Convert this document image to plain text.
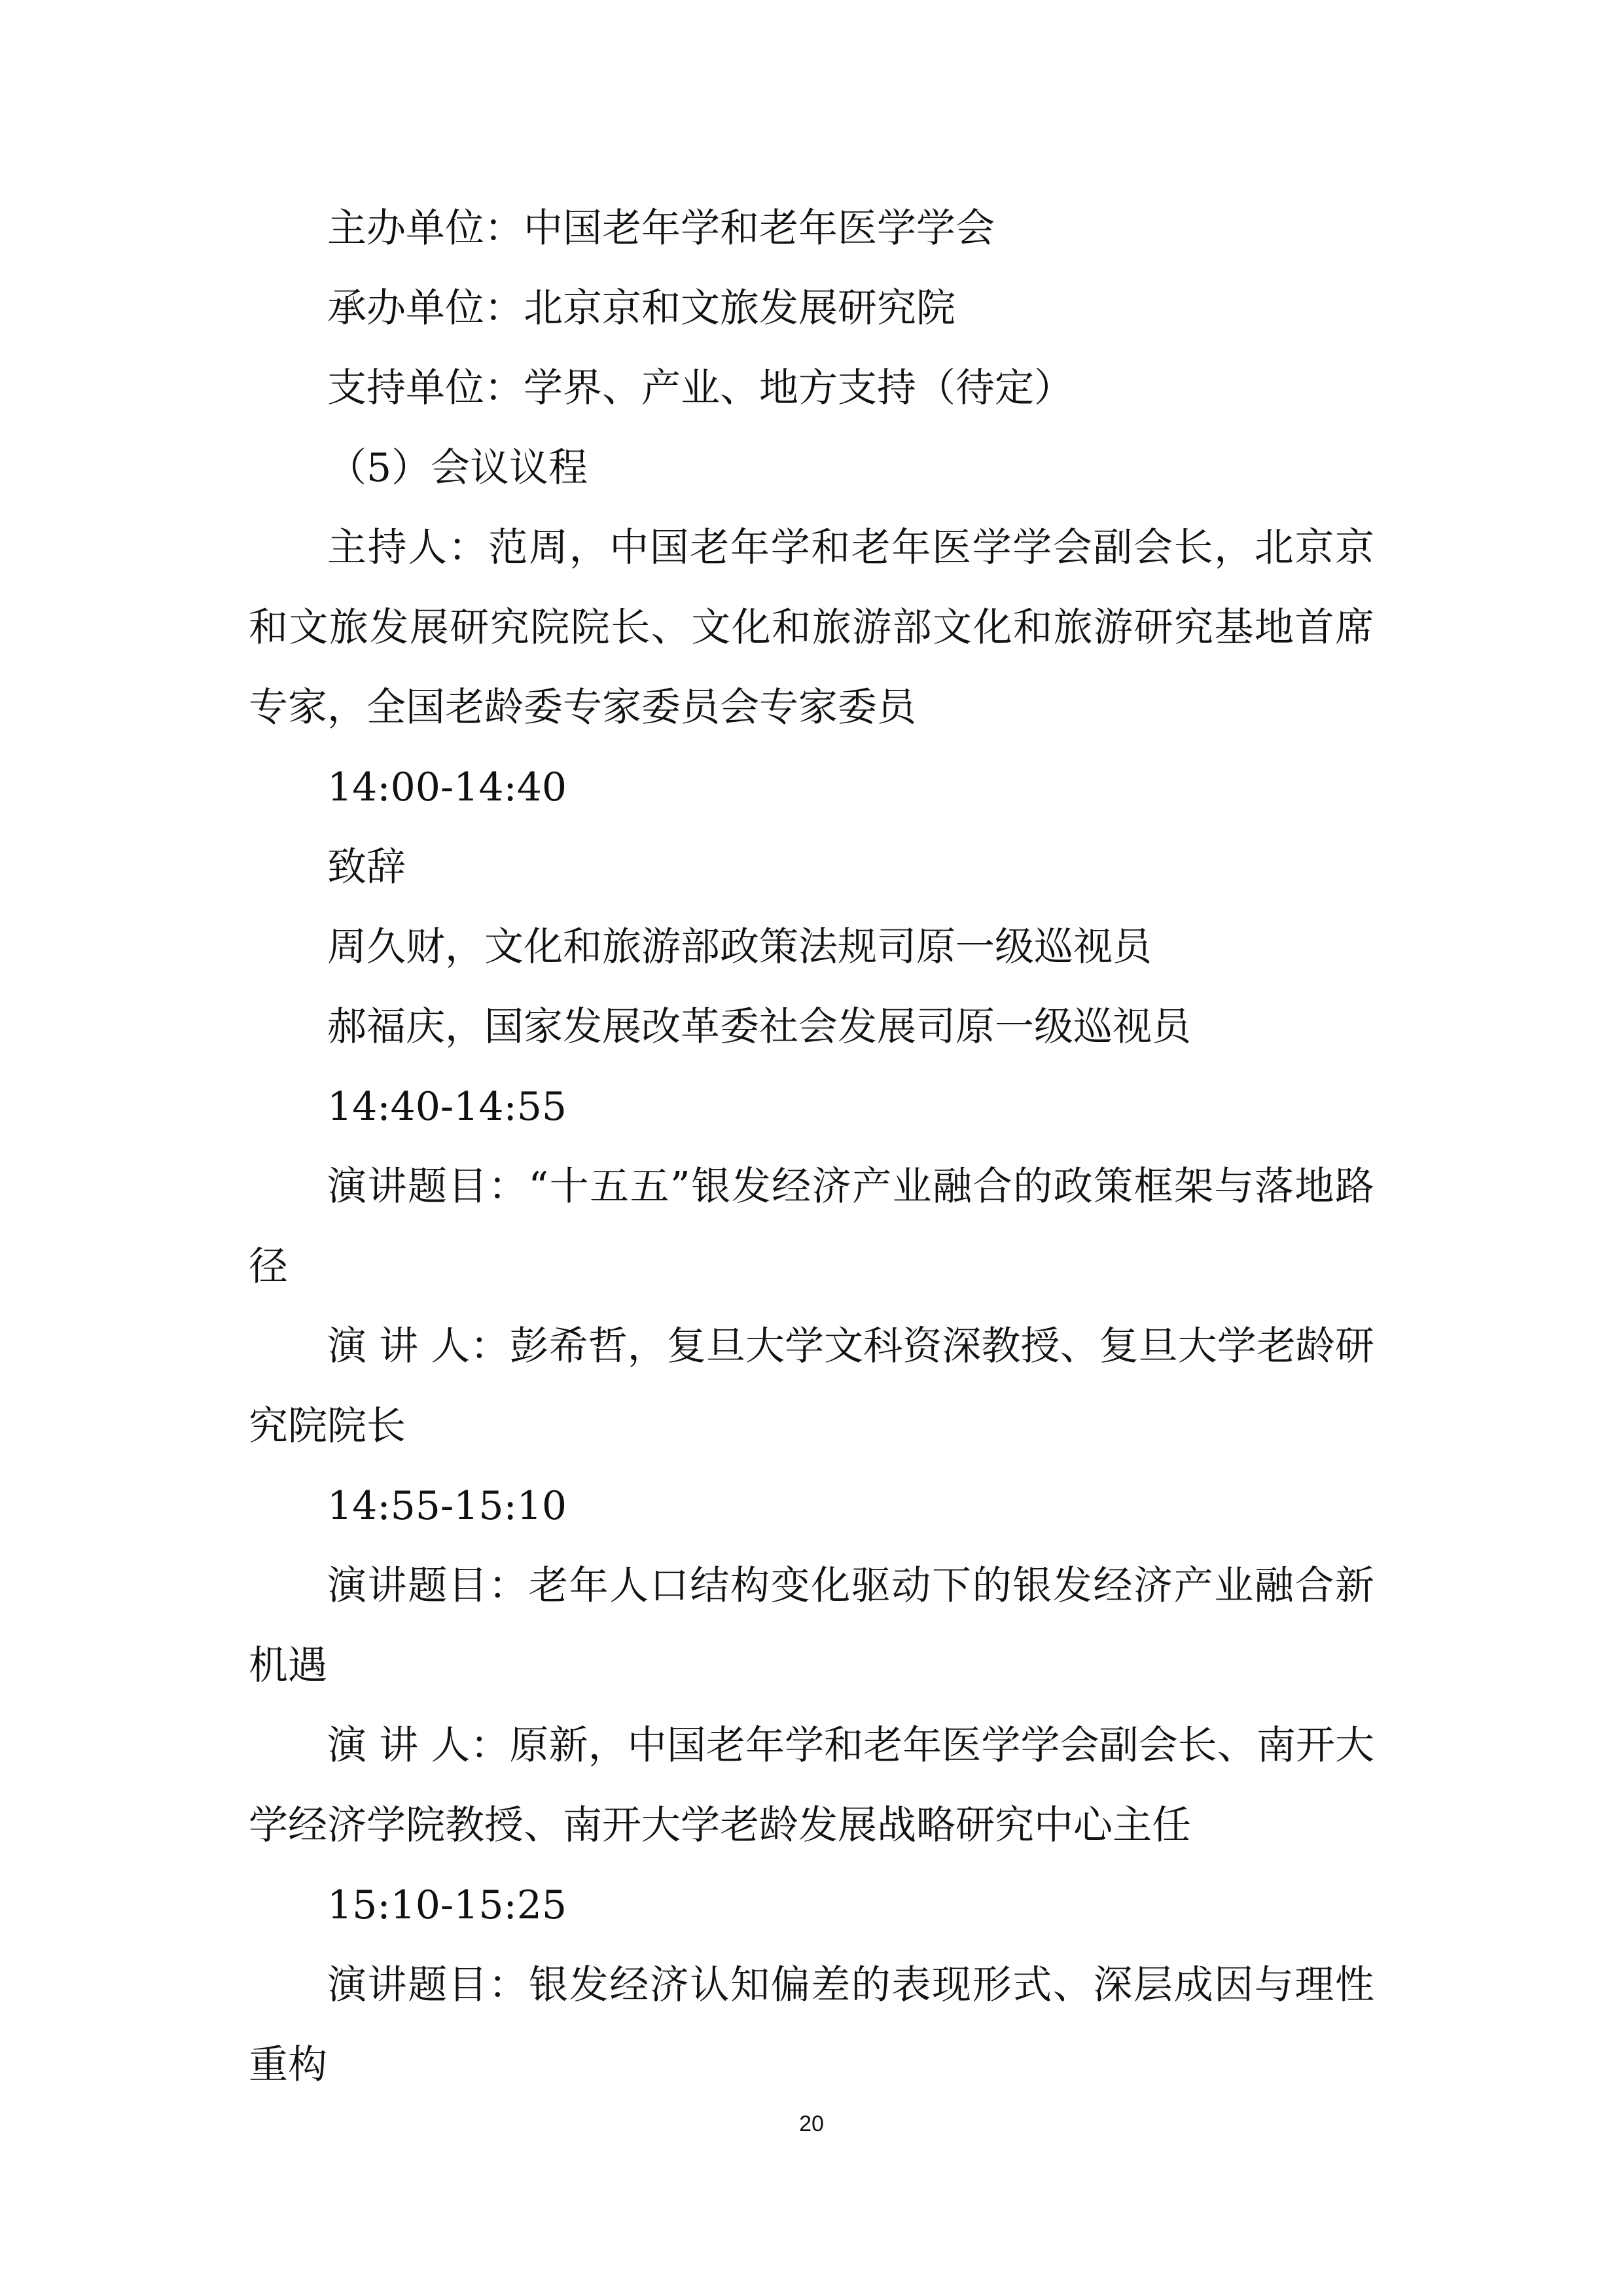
主办单位：中国老年学和老年医学学会

承办单位：北京京和文旅发展研究院

支持单位：学界、产业、地方支持（待定）

（5）会议议程

主持人：范周，中国老年学和老年医学学会副会长，北京京和文旅发展研究院院长、文化和旅游部文化和旅游研究基地首席专家，全国老龄委专家委员会专家委员

14:00-14:40

致辞

周久财，文化和旅游部政策法规司原一级巡视员

郝福庆，国家发展改革委社会发展司原一级巡视员

14:40-14:55

演讲题目：“十五五”银发经济产业融合的政策框架与落地路径

演 讲 人：彭希哲，复旦大学文科资深教授、复旦大学老龄研究院院长

14:55-15:10

演讲题目：老年人口结构变化驱动下的银发经济产业融合新机遇

演 讲 人：原新，中国老年学和老年医学学会副会长、南开大学经济学院教授、南开大学老龄发展战略研究中心主任

15:10-15:25

演讲题目：银发经济认知偏差的表现形式、深层成因与理性重构

20
